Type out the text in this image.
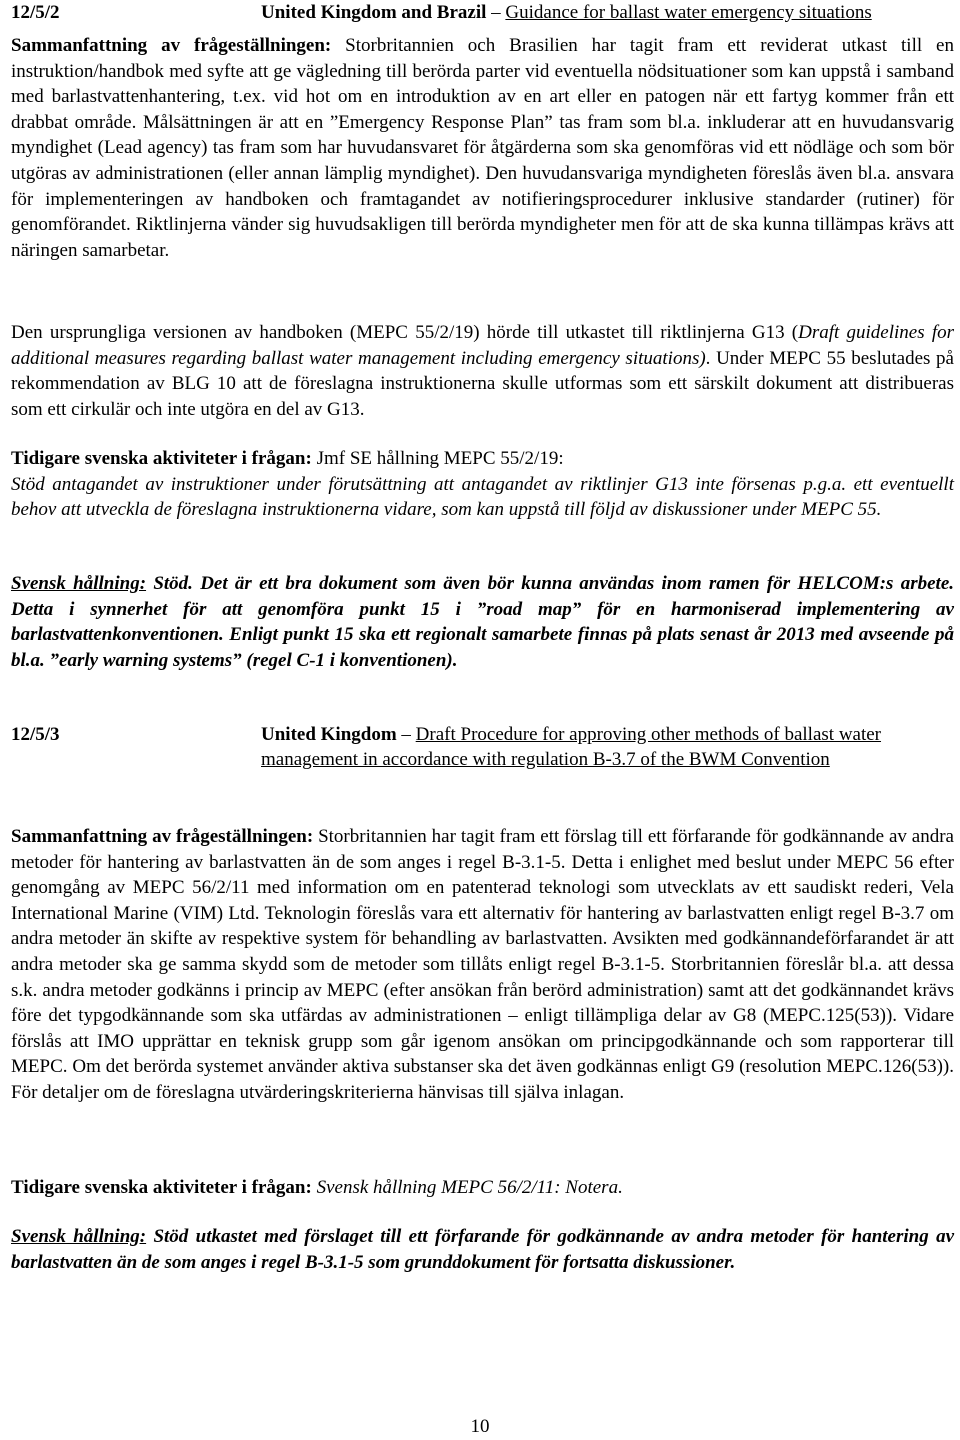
12/5/2	United Kingdom and Brazil – Guidance for ballast water emergency situations
Sammanfattning av frågeställningen: Storbritannien och Brasilien har tagit fram ett reviderat utkast till en instruktion/handbok med syfte att ge vägledning till berörda parter vid eventuella nödsituationer som kan uppstå i samband med barlastvattenhantering, t.ex. vid hot om en introduktion av en art eller en patogen när ett fartyg kommer från ett drabbat område. Målsättningen är att en ”Emergency Response Plan” tas fram som bl.a. inkluderar att en huvudansvarig myndighet (Lead agency) tas fram som har huvudansvaret för åtgärderna som ska genomföras vid ett nödläge och som bör utgöras av administrationen (eller annan lämplig myndighet). Den huvudansvariga myndigheten föreslås även bl.a. ansvara för implementeringen av handboken och framtagandet av notifieringsprocedurer inklusive standarder (rutiner) för genomförandet. Riktlinjerna vänder sig huvudsakligen till berörda myndigheter men för att de ska kunna tillämpas krävs att näringen samarbetar.
Den ursprungliga versionen av handboken (MEPC 55/2/19) hörde till utkastet till riktlinjerna G13 (Draft guidelines for additional measures regarding ballast water management including emergency situations). Under MEPC 55 beslutades på rekommendation av BLG 10 att de föreslagna instruktionerna skulle utformas som ett särskilt dokument att distribueras som ett cirkulär och inte utgöra en del av G13.
Tidigare svenska aktiviteter i frågan: Jmf SE hållning MEPC 55/2/19:
Stöd antagandet av instruktioner under förutsättning att antagandet av riktlinjer G13 inte försenas p.g.a. ett eventuellt behov att utveckla de föreslagna instruktionerna vidare, som kan uppstå till följd av diskussioner under MEPC 55.
Svensk hållning: Stöd. Det är ett bra dokument som även bör kunna användas inom ramen för HELCOM:s arbete. Detta i synnerhet för att genomföra punkt 15 i ”road map” för en harmoniserad implementering av barlastvattenkonventionen. Enligt punkt 15 ska ett regionalt samarbete finnas på plats senast år 2013 med avseende på bl.a. ”early warning systems” (regel C-1 i konventionen).
12/5/3	United Kingdom – Draft Procedure for approving other methods of ballast water management in accordance with regulation B-3.7 of the BWM Convention
Sammanfattning av frågeställningen: Storbritannien har tagit fram ett förslag till ett förfarande för godkännande av andra metoder för hantering av barlastvatten än de som anges i regel B-3.1-5. Detta i enlighet med beslut under MEPC 56 efter genomgång av MEPC 56/2/11 med information om en patenterad teknologi som utvecklats av ett saudiskt rederi, Vela International Marine (VIM) Ltd. Teknologin föreslås vara ett alternativ för hantering av barlastvatten enligt regel B-3.7 om andra metoder än skifte av respektive system för behandling av barlastvatten. Avsikten med godkännandeförfarandet är att andra metoder ska ge samma skydd som de metoder som tillåts enligt regel B-3.1-5. Storbritannien föreslår bl.a. att dessa s.k. andra metoder godkänns i princip av MEPC (efter ansökan från berörd administration) samt att det godkännandet krävs före det typgodkännande som ska utfärdas av administrationen – enligt tillämpliga delar av G8 (MEPC.125(53)). Vidare förslås att IMO upprättar en teknisk grupp som går igenom ansökan om principgodkännande och som rapporterar till MEPC. Om det berörda systemet använder aktiva substanser ska det även godkännas enligt G9 (resolution MEPC.126(53)). För detaljer om de föreslagna utvärderingskriterierna hänvisas till själva inlagan.
Tidigare svenska aktiviteter i frågan: Svensk hållning MEPC 56/2/11: Notera.
Svensk hållning: Stöd utkastet med förslaget till ett förfarande för godkännande av andra metoder för hantering av barlastvatten än de som anges i regel B-3.1-5 som grunddokument för fortsatta diskussioner.
10
